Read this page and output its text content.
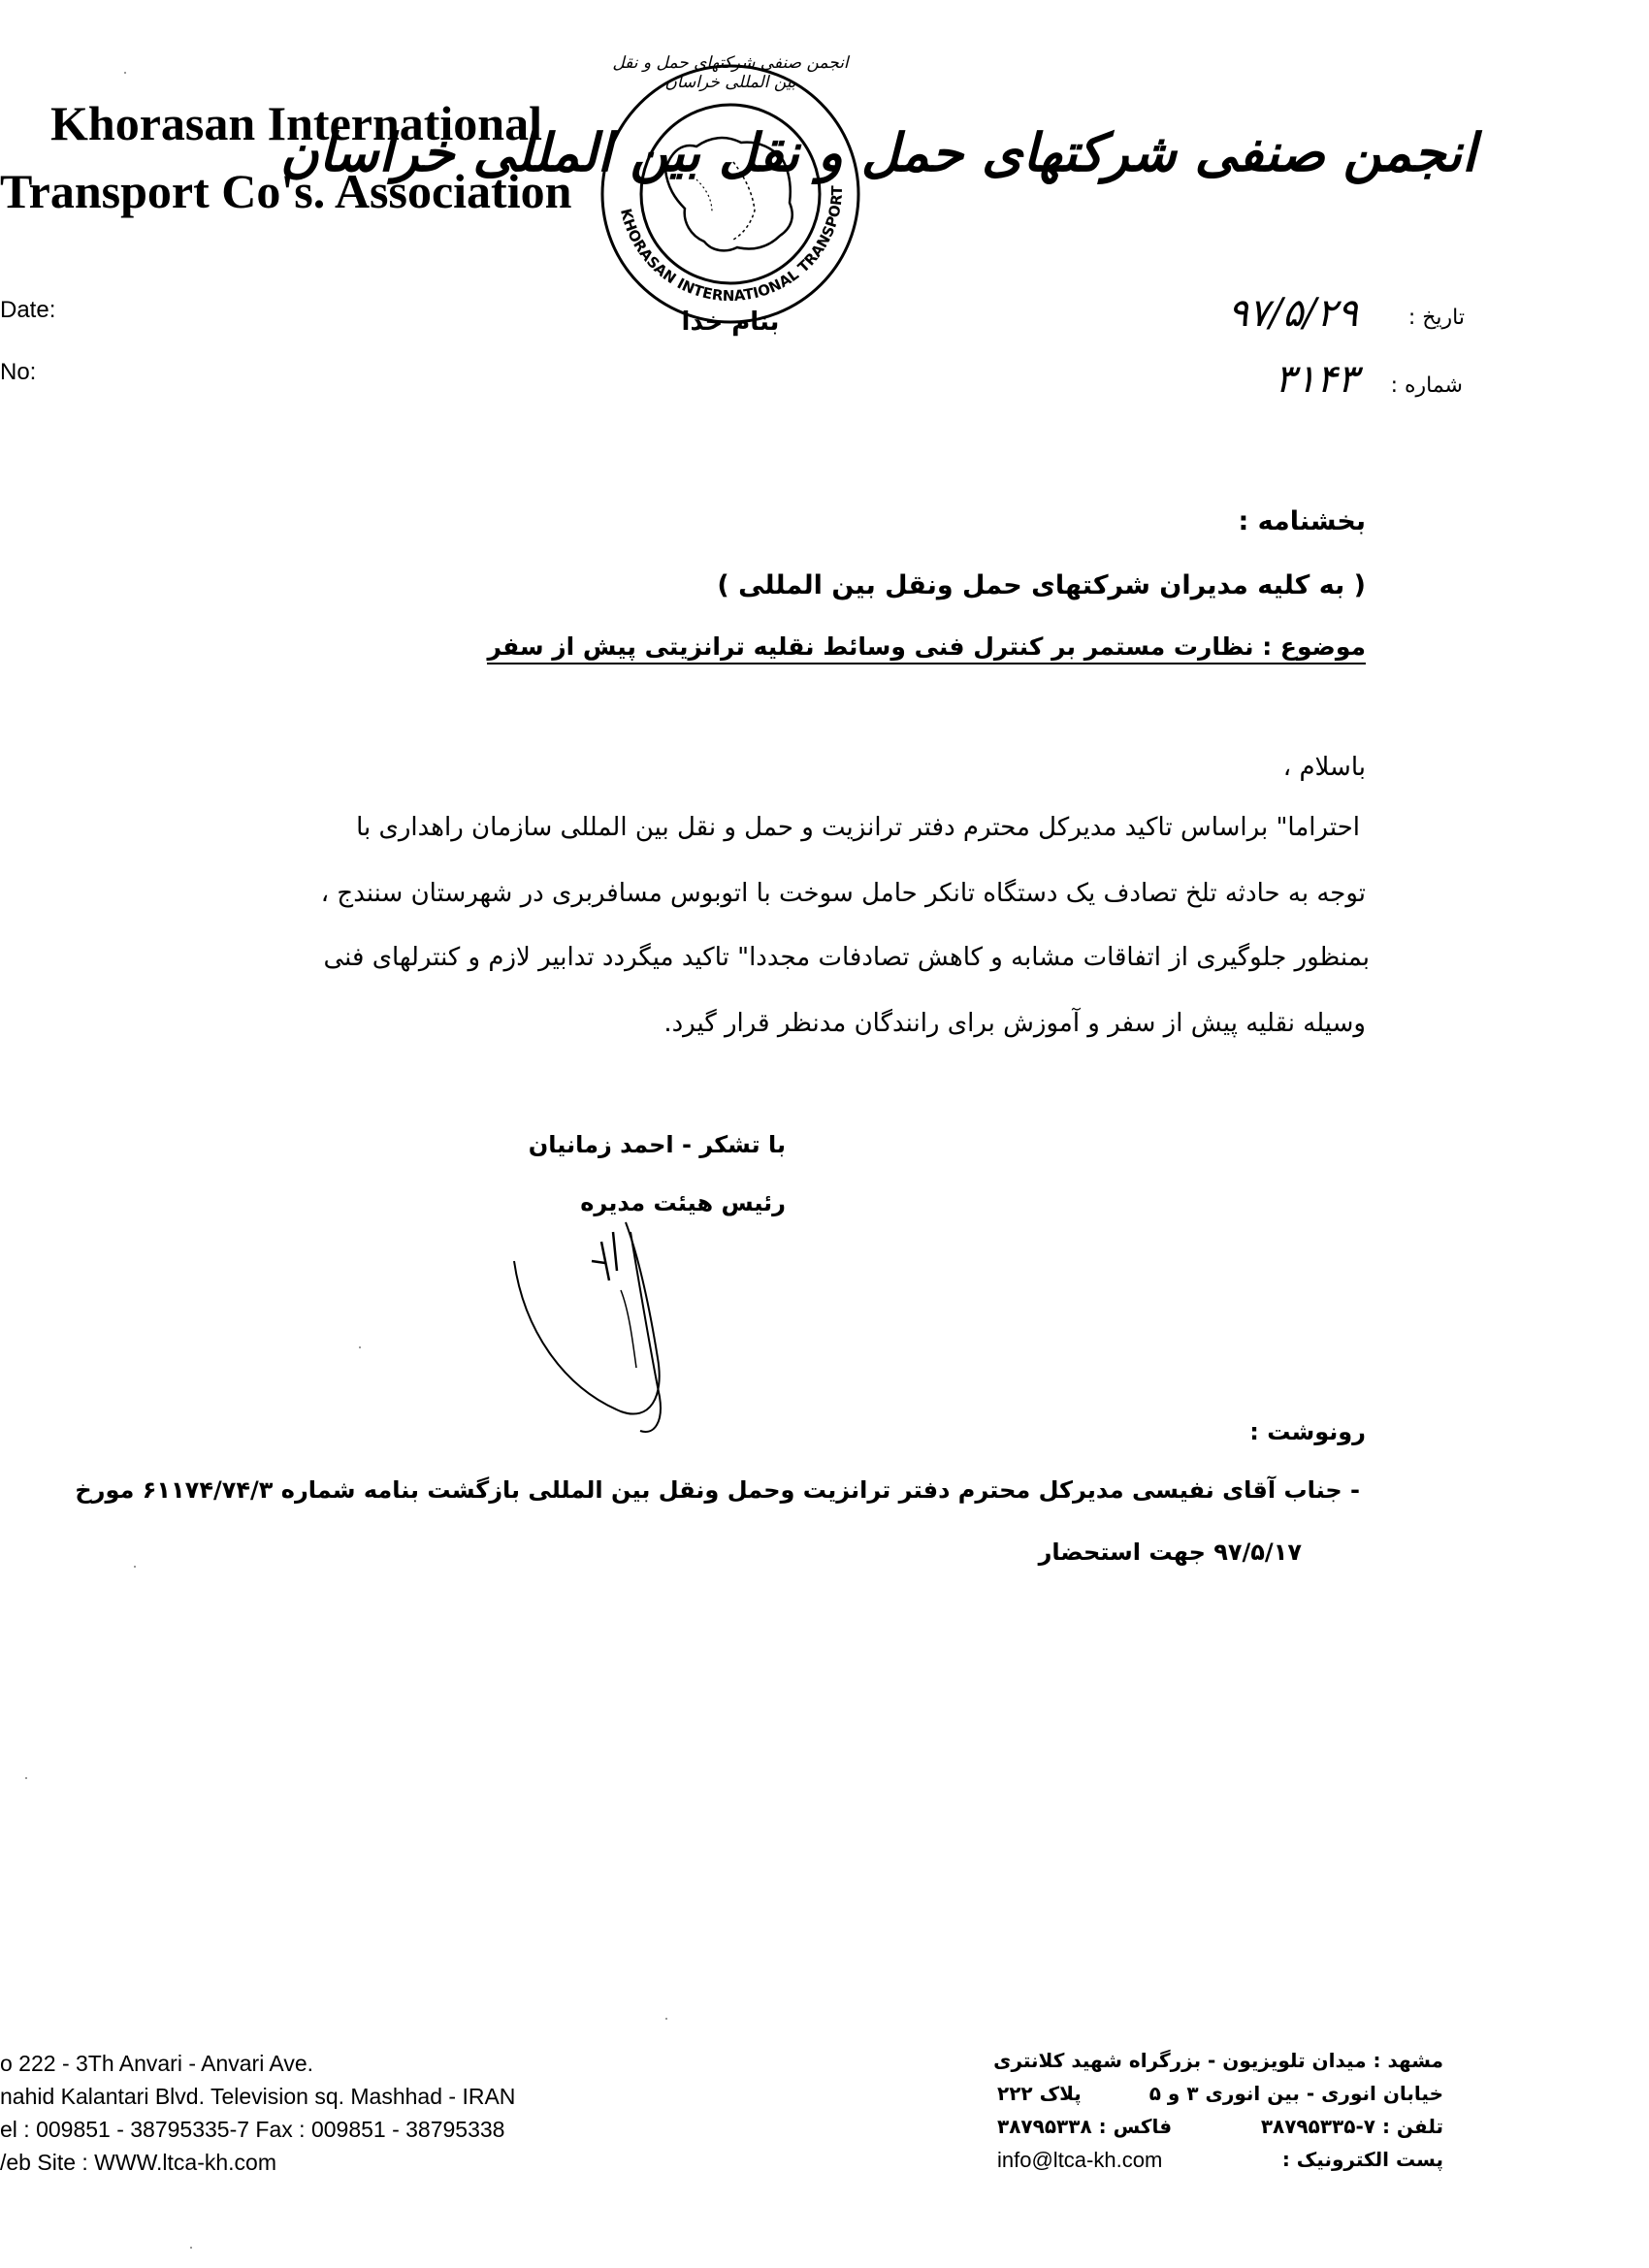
Khorasan International
Transport Co's. Association
Date:
No:
KHORASAN INTERNATIONAL TRANSPORT
انجمن صنفی شرکتهای حمل و نقل بین المللی خراسان
بنام خدا
انجمن صنفی شرکتهای حمل و نقل بین المللی خراسان
تاریخ :
۹۷/۵/۲۹
شماره :
۳۱۴۳
بخشنامه :
( به کلیه مدیران شرکتهای حمل ونقل بین المللی )
موضوع : نظارت مستمر بر کنترل فنی وسائط نقلیه ترانزیتی پیش از سفر
باسلام ،
احتراما" براساس تاکید مدیرکل محترم دفتر ترانزیت و حمل و نقل بین المللی سازمان راهداری با
توجه به حادثه تلخ تصادف یک دستگاه تانکر حامل سوخت با اتوبوس مسافربری در شهرستان سنندج ،
بمنظور جلوگیری از اتفاقات مشابه و کاهش تصادفات مجددا" تاکید میگردد تدابیر لازم و کنترلهای فنی
وسیله نقلیه پیش از سفر و آموزش برای رانندگان مدنظر قرار گیرد.
با تشکر - احمد زمانیان
رئیس هیئت مدیره
رونوشت :
- جناب آقای نفیسی مدیرکل محترم دفتر ترانزیت وحمل ونقل بین المللی بازگشت بنامه شماره ۶۱۱۷۴/۷۴/۳ مورخ
۹۷/۵/۱۷ جهت استحضار
o 222 - 3Th Anvari - Anvari Ave.
nahid Kalantari Blvd. Television sq. Mashhad - IRAN
el : 009851 - 38795335-7 Fax : 009851 - 38795338
/eb Site : WWW.ltca-kh.com
مشهد : میدان تلویزیون - بزرگراه شهید کلانتری
خیابان انوری - بین انوری ۳ و ۵
پلاک ۲۲۲
تلفن : ۷-۳۸۷۹۵۳۳۵
فاکس : ۳۸۷۹۵۳۳۸
پست الکترونیک :
info@ltca-kh.com
